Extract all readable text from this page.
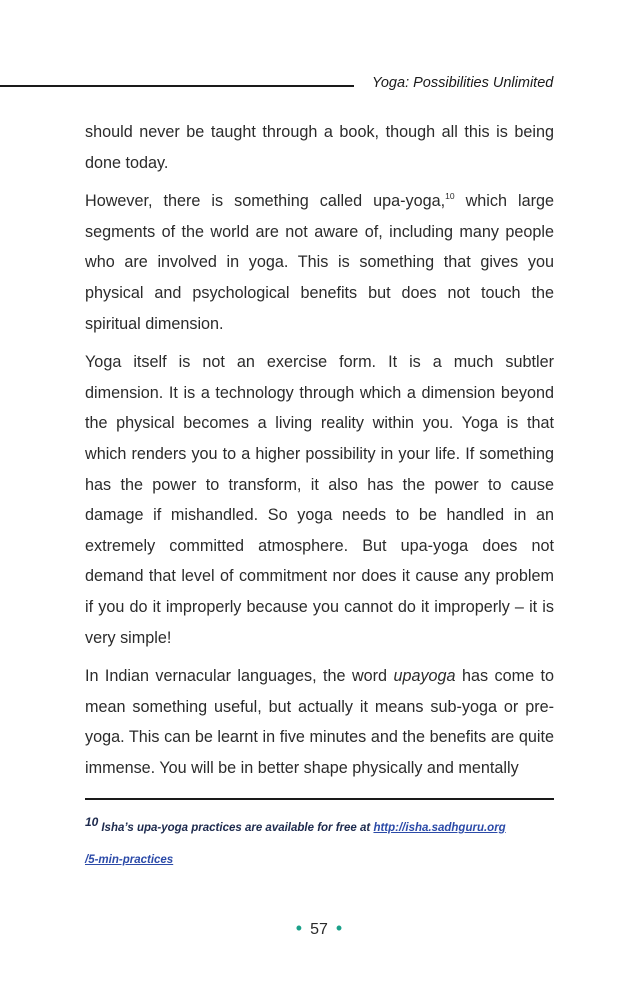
Yoga: Possibilities Unlimited

should never be taught through a book, though all this is being done today.

However, there is something called upa-yoga,$^{10}$ which large segments of the world are not aware of, including many people who are involved in yoga. This is something that gives you physical and psychological benefits but does not touch the spiritual dimension.

Yoga itself is not an exercise form. It is a much subtler dimension. It is a technology through which a dimension beyond the physical becomes a living reality within you. Yoga is that which renders you to a higher possibility in your life. If something has the power to transform, it also has the power to cause damage if mishandled. So yoga needs to be handled in an extremely committed atmosphere. But upa-yoga does not demand that level of commitment nor does it cause any problem if you do it improperly because you cannot do it improperly – it is very simple!

In Indian vernacular languages, the word upayoga has come to mean something useful, but actually it means sub-yoga or pre-yoga. This can be learnt in five minutes and the benefits are quite immense. You will be in better shape physically and mentally

10 Isha’s upa-yoga practices are available for free at http://isha.sadhguru.org
/5-min-practices
• 57 •
